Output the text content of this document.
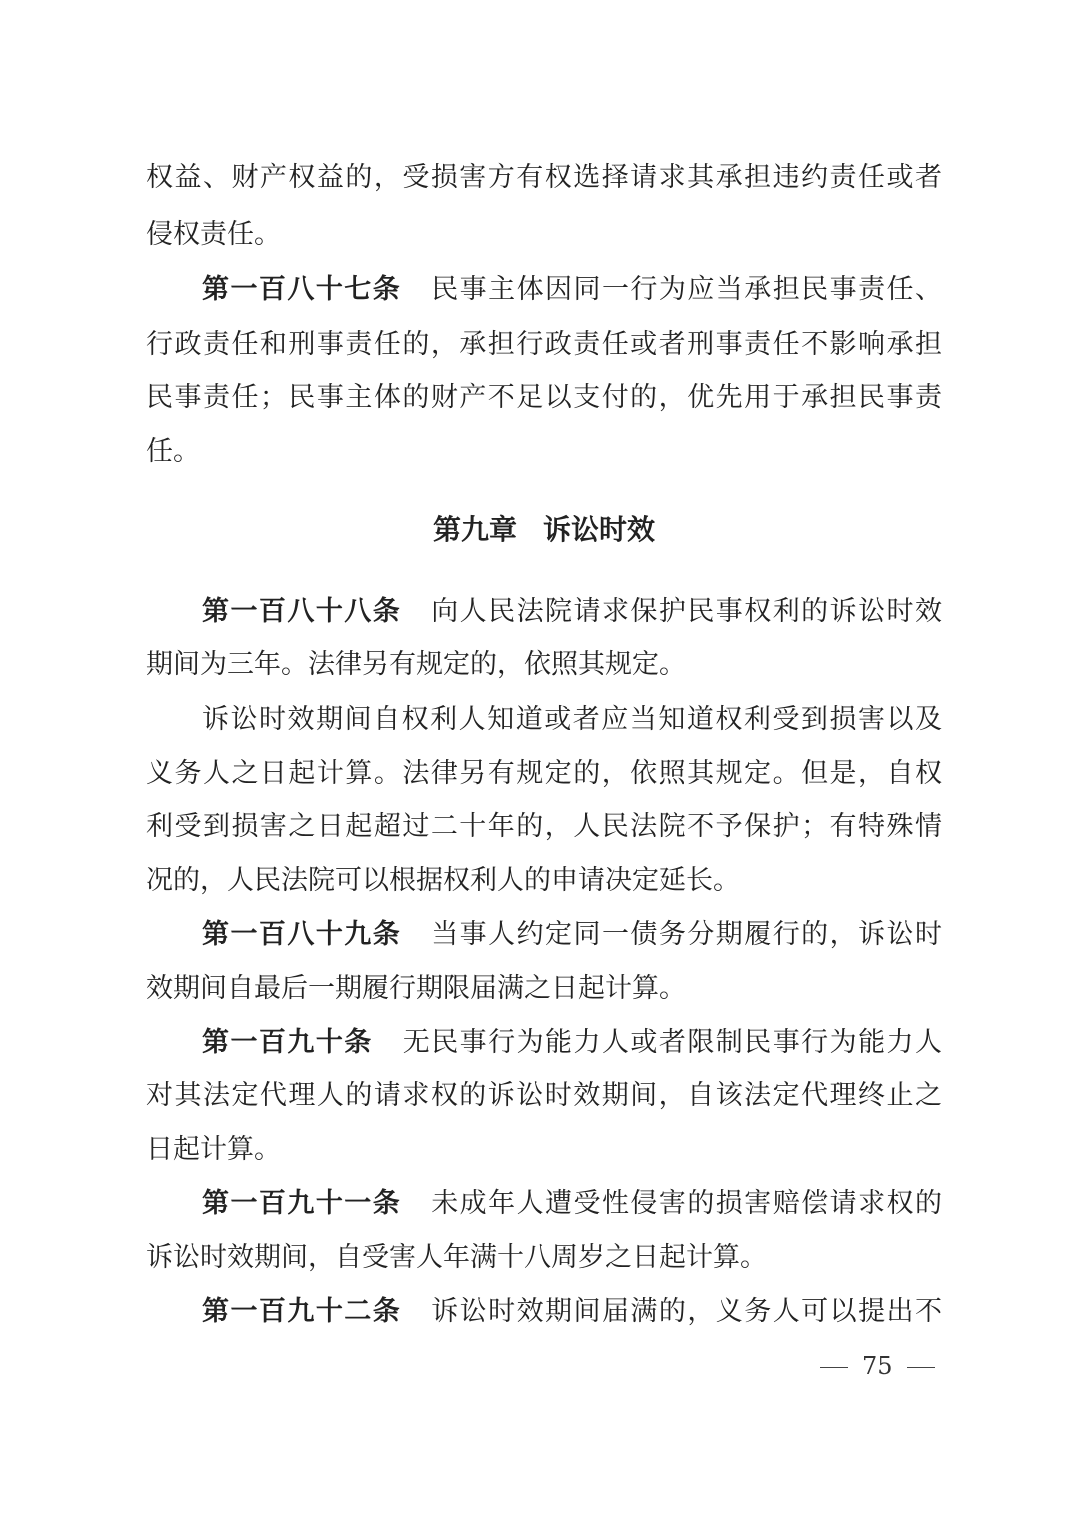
权益、财产权益的，受损害方有权选择请求其承担违约责任或者
侵权责任。
第一百八十七条 民事主体因同一行为应当承担民事责任、
行政责任和刑事责任的，承担行政责任或者刑事责任不影响承担
民事责任；民事主体的财产不足以支付的，优先用于承担民事责
任。
第九章 诉讼时效
第一百八十八条 向人民法院请求保护民事权利的诉讼时效
期间为三年。法律另有规定的，依照其规定。
诉讼时效期间自权利人知道或者应当知道权利受到损害以及
义务人之日起计算。法律另有规定的，依照其规定。但是，自权
利受到损害之日起超过二十年的，人民法院不予保护；有特殊情
况的，人民法院可以根据权利人的申请决定延长。
第一百八十九条 当事人约定同一债务分期履行的，诉讼时
效期间自最后一期履行期限届满之日起计算。
第一百九十条 无民事行为能力人或者限制民事行为能力人
对其法定代理人的请求权的诉讼时效期间，自该法定代理终止之
日起计算。
第一百九十一条 未成年人遭受性侵害的损害赔偿请求权的
诉讼时效期间，自受害人年满十八周岁之日起计算。
第一百九十二条 诉讼时效期间届满的，义务人可以提出不
75
